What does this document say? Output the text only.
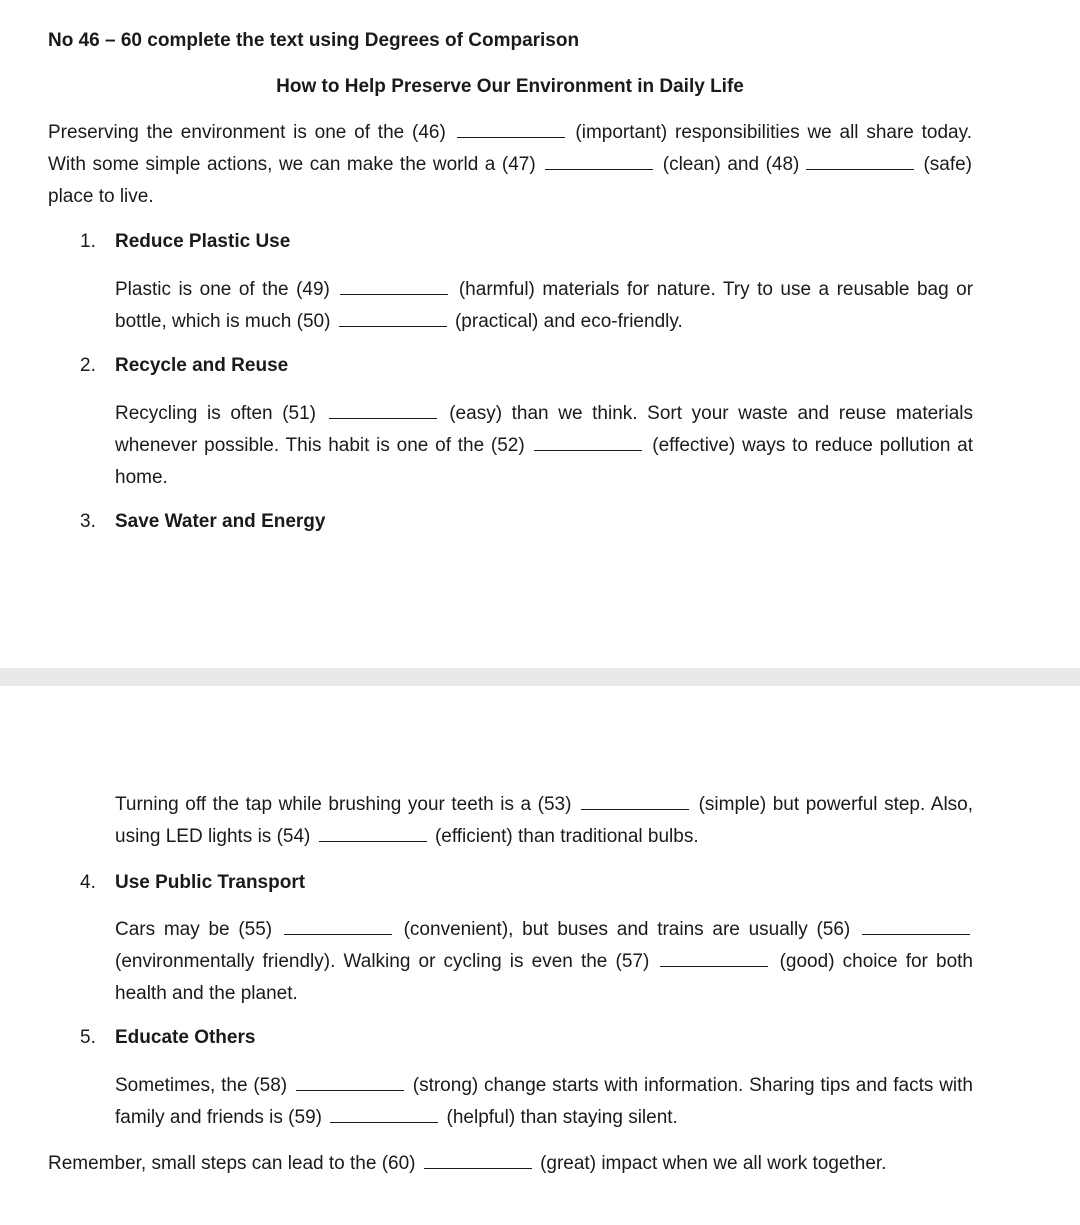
No 46 – 60 complete the text using Degrees of Comparison
How to Help Preserve Our Environment in Daily Life
Preserving the environment is one of the (46)	(important) responsibilities we all share today. With some simple actions, we can make the world a (47)	(clean) and (48)	(safe) place to live.
1. Reduce Plastic Use
Plastic is one of the (49)	(harmful) materials for nature. Try to use a reusable bag or bottle, which is much (50)	(practical) and eco-friendly.
2. Recycle and Reuse
Recycling is often (51)	(easy) than we think. Sort your waste and reuse materials whenever possible. This habit is one of the (52)	(effective) ways to reduce pollution at home.
3. Save Water and Energy
Turning off the tap while brushing your teeth is a (53)	(simple) but powerful step. Also, using LED lights is (54)	(efficient) than traditional bulbs.
4. Use Public Transport
Cars may be (55)	(convenient), but buses and trains are usually (56)  (environmentally friendly). Walking or cycling is even the (57)	(good) choice for both health and the planet.
5. Educate Others
Sometimes, the (58)	(strong) change starts with information. Sharing tips and facts with family and friends is (59)	(helpful) than staying silent.
Remember, small steps can lead to the (60)	(great) impact when we all work together.
